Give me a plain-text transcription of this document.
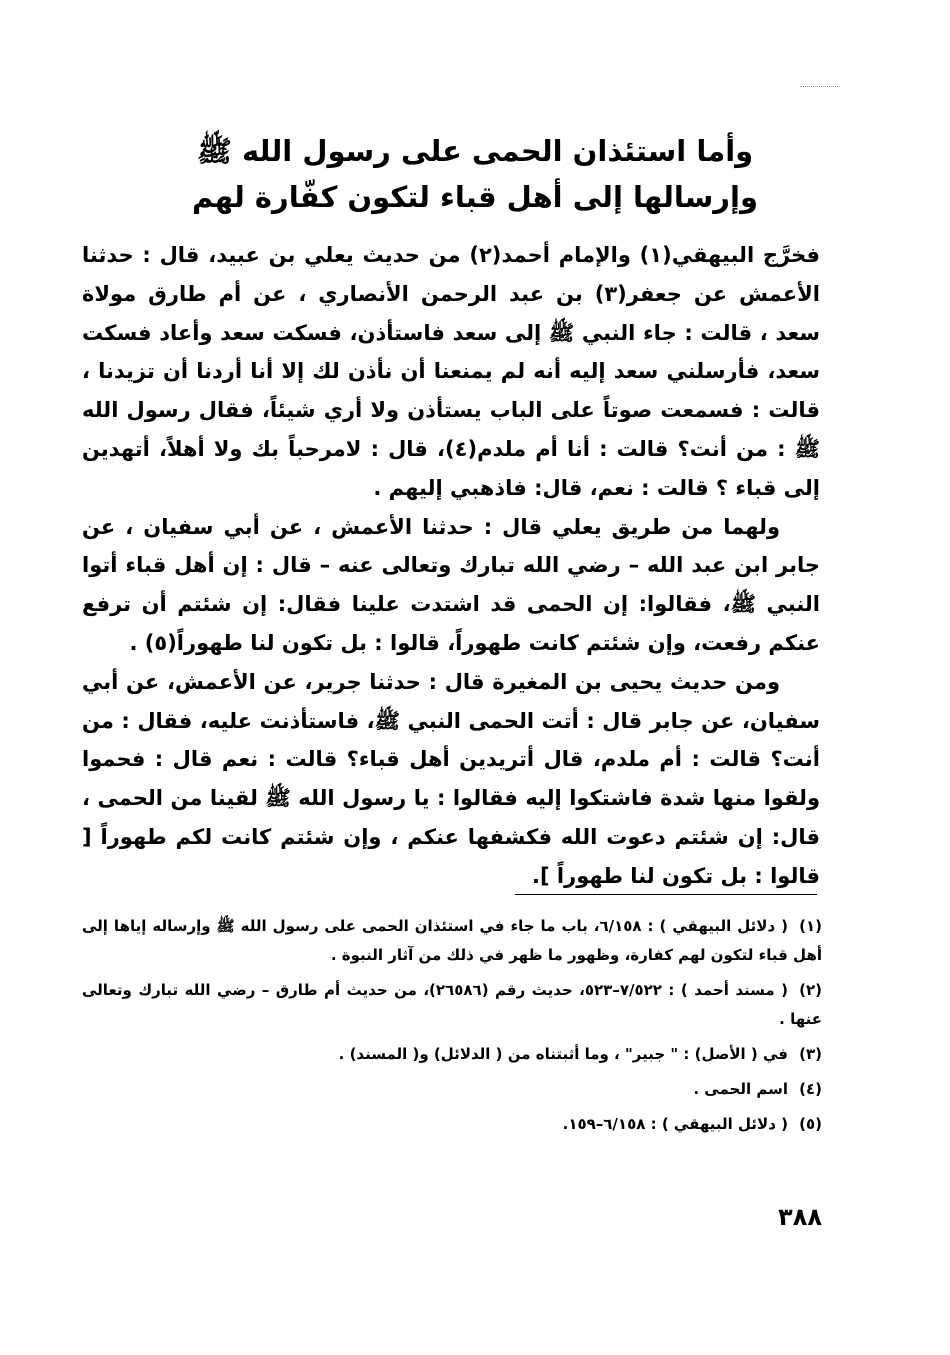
وأما استئذان الحمى على رسول الله ﷺ
وإرسالها إلى أهل قباء لتكون كفّارة لهم

فخرَّج البيهقي(١) والإمام أحمد(٢) من حديث يعلي بن عبيد، قال : حدثنا الأعمش عن جعفر(٣) بن عبد الرحمن الأنصاري ، عن أم طارق مولاة سعد ، قالت : جاء النبي ﷺ إلى سعد فاستأذن، فسكت سعد وأعاد فسكت سعد، فأرسلني سعد إليه أنه لم يمنعنا أن نأذن لك إلا أنا أردنا أن تزيدنا ، قالت : فسمعت صوتاً على الباب يستأذن ولا أري شيئاً، فقال رسول الله ﷺ : من أنت؟ قالت : أنا أم ملدم(٤)، قال : لامرحباً بك ولا أهلاً، أتهدين إلى قباء ؟ قالت : نعم، قال: فاذهبي إليهم .

ولهما من طريق يعلي قال : حدثنا الأعمش ، عن أبي سفيان ، عن جابر ابن عبد الله – رضي الله تبارك وتعالى عنه – قال : إن أهل قباء أتوا النبي ﷺ، فقالوا: إن الحمى قد اشتدت علينا فقال: إن شئتم أن ترفع عنكم رفعت، وإن شئتم كانت طهوراً، قالوا : بل تكون لنا طهوراً(٥) .

ومن حديث يحيى بن المغيرة قال : حدثنا جرير، عن الأعمش، عن أبي سفيان، عن جابر قال : أتت الحمى النبي ﷺ، فاستأذنت عليه، فقال : من أنت؟ قالت : أم ملدم، قال أتريدين أهل قباء؟ قالت : نعم قال : فحموا ولقوا منها شدة فاشتكوا إليه فقالوا : يا رسول الله ﷺ لقينا من الحمى ، قال: إن شئتم دعوت الله فكشفها عنكم ، وإن شئتم كانت لكم طهوراً [ قالوا : بل تكون لنا طهوراً ].

(١)( دلائل البيهقي ) : ٦/١٥٨، باب ما جاء في استئذان الحمى على رسول الله ﷺ وإرساله إياها إلى أهل قباء لتكون لهم كفارة، وظهور ما ظهر في ذلك من آثار النبوة .

(٢)( مسند أحمد ) : ٧/٥٢٢–٥٢٣، حديث رقم (٢٦٥٨٦)، من حديث أم طارق – رضي الله تبارك وتعالى عنها .

(٣)في ( الأصل) : " جبير" ، وما أثبتناه من ( الدلائل) و( المسند) .

(٤)اسم الحمى .

(٥)( دلائل البيهقي ) : ٦/١٥٨–١٥٩.

٣٨٨
